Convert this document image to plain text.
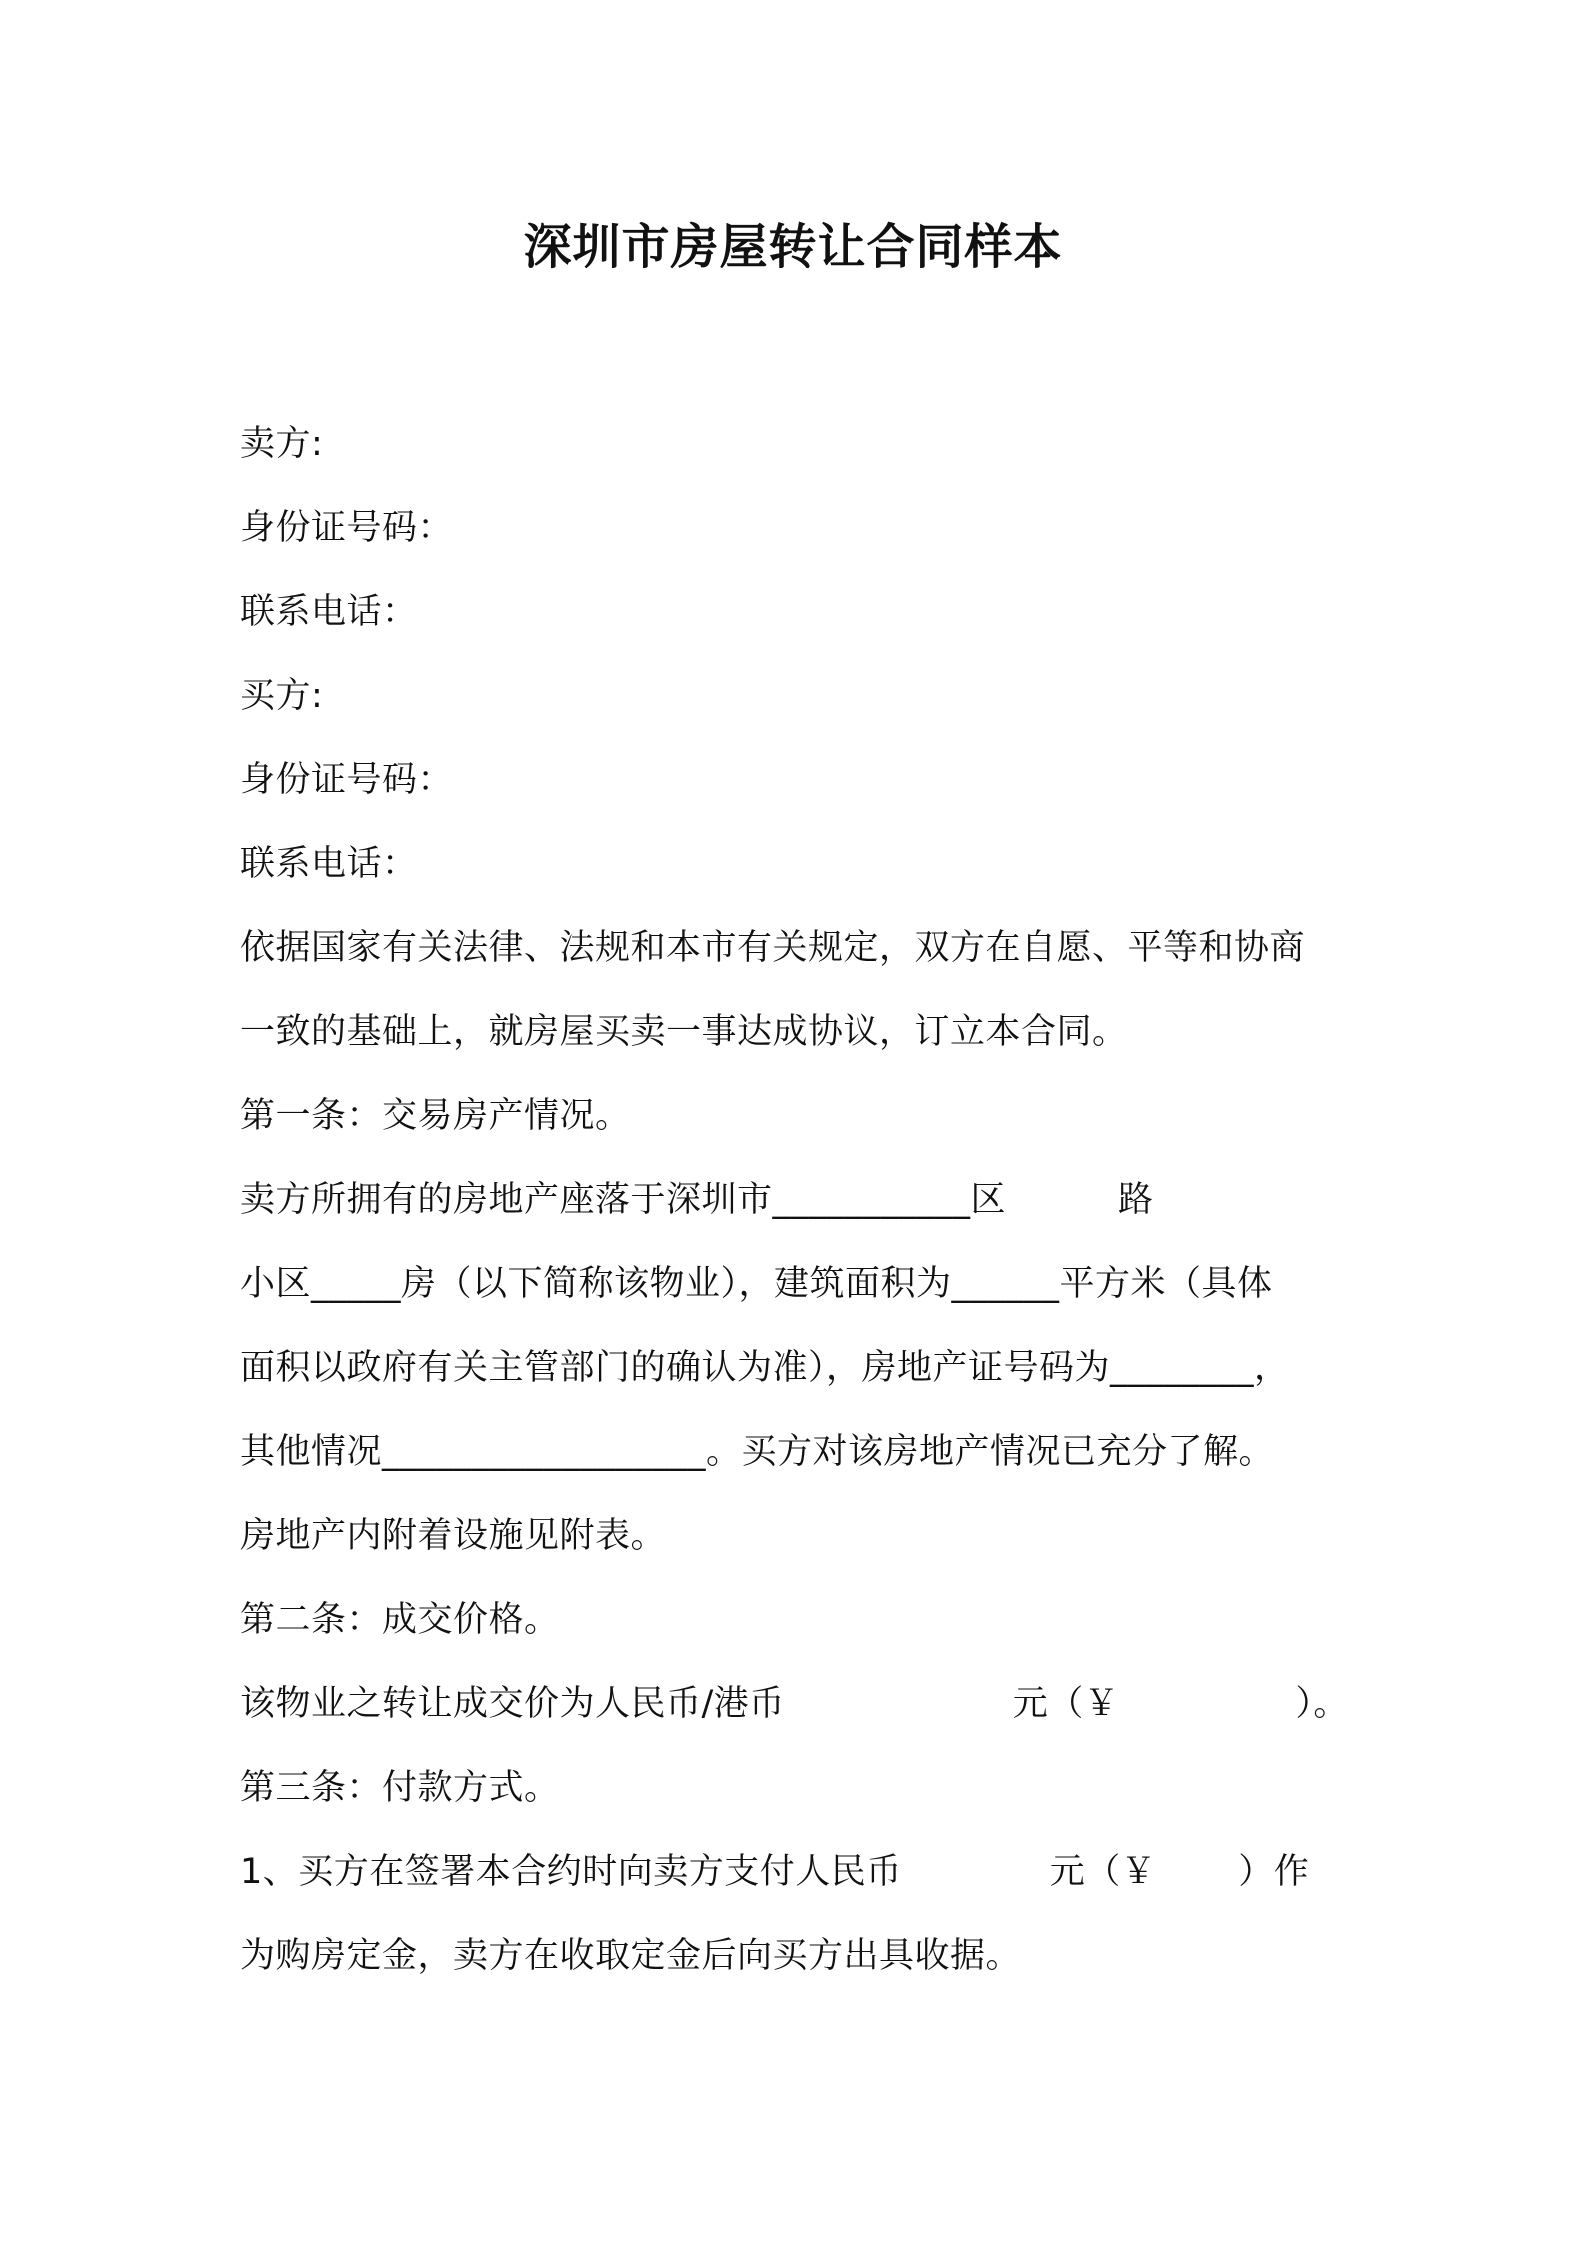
深圳市房屋转让合同样本
卖方:
身份证号码：
联系电话：
买方:
身份证号码：
联系电话：
依据国家有关法律、法规和本市有关规定，双方在自愿、平等和协商
一致的基础上，就房屋买卖一事达成协议，订立本合同。
第一条：交易房产情况。
卖方所拥有的房地产座落于深圳市___________区	路
小区_____房（以下简称该物业），建筑面积为______平方米（具体
面积以政府有关主管部门的确认为准），房地产证号码为________，
其他情况__________________。买方对该房地产情况已充分了解。
房地产内附着设施见附表。
第二条：成交价格。
该物业之转让成交价为人民币/港币	元（￥	）。
第三条：付款方式。
1、买方在签署本合约时向卖方支付人民币	元（￥ ）作
为购房定金，卖方在收取定金后向买方出具收据。
